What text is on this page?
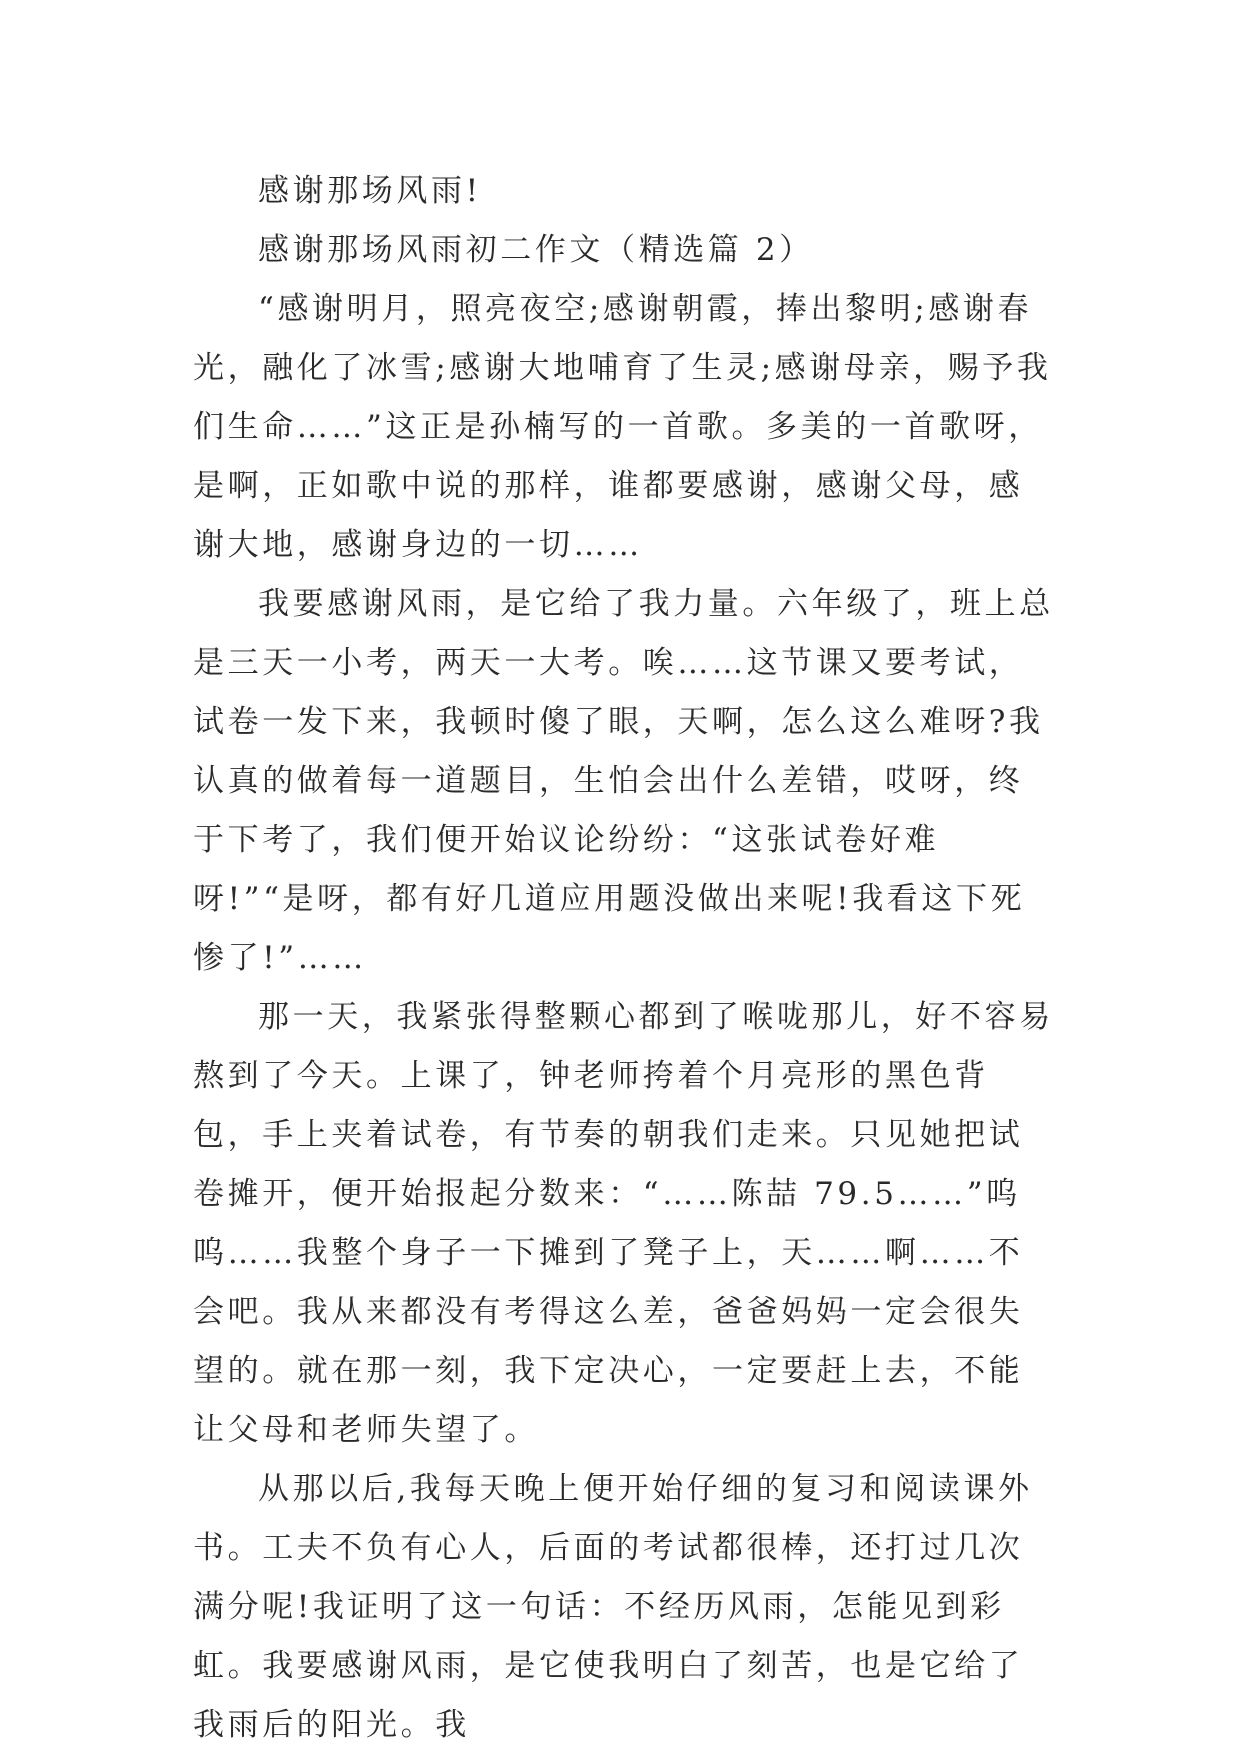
感谢那场风雨!
感谢那场风雨初二作文（精选篇 2）

“感谢明月，照亮夜空;感谢朝霞，捧出黎明;感谢春光，融化了冰雪;感谢大地哺育了生灵;感谢母亲，赐予我们生命……”这正是孙楠写的一首歌。多美的一首歌呀，是啊，正如歌中说的那样，谁都要感谢，感谢父母，感谢大地，感谢身边的一切……

我要感谢风雨，是它给了我力量。六年级了，班上总是三天一小考，两天一大考。唉……这节课又要考试，试卷一发下来，我顿时傻了眼，天啊，怎么这么难呀?我认真的做着每一道题目，生怕会出什么差错，哎呀，终于下考了，我们便开始议论纷纷：“这张试卷好难呀!”“是呀，都有好几道应用题没做出来呢!我看这下死惨了!”……

那一天，我紧张得整颗心都到了喉咙那儿，好不容易熬到了今天。上课了，钟老师挎着个月亮形的黑色背包，手上夹着试卷，有节奏的朝我们走来。只见她把试卷摊开，便开始报起分数来：“……陈喆 79.5……”呜呜……我整个身子一下摊到了凳子上，天……啊……不会吧。我从来都没有考得这么差，爸爸妈妈一定会很失望的。就在那一刻，我下定决心，一定要赶上去，不能让父母和老师失望了。

从那以后,我每天晚上便开始仔细的复习和阅读课外书。工夫不负有心人，后面的考试都很棒，还打过几次满分呢!我证明了这一句话：不经历风雨，怎能见到彩虹。我要感谢风雨，是它使我明白了刻苦，也是它给了我雨后的阳光。我
